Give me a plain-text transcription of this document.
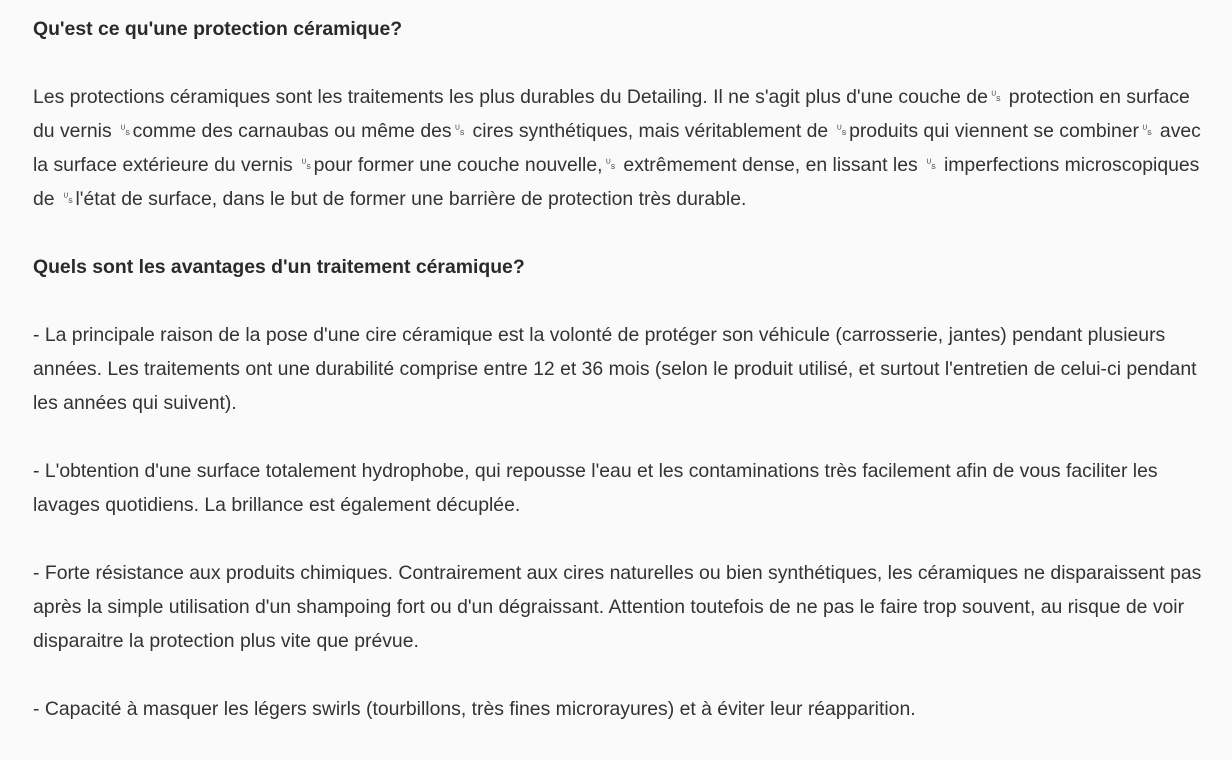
Qu'est ce qu'une protection céramique?

Les protections céramiques sont les traitements les plus durables du Detailing. Il ne s'agit plus d'une couche de␟ protection en surface du vernis ␟comme des carnaubas ou même des␟ cires synthétiques, mais véritablement de ␟produits qui viennent se combiner␟ avec la surface extérieure du vernis ␟pour former une couche nouvelle,␟ extrêmement dense, en lissant les ␟ imperfections microscopiques de ␟l'état de surface, dans le but de former une barrière de protection très durable.

Quels sont les avantages d'un traitement céramique?

- La principale raison de la pose d'une cire céramique est la volonté de protéger son véhicule (carrosserie, jantes) pendant plusieurs années. Les traitements ont une durabilité comprise entre 12 et 36 mois (selon le produit utilisé, et surtout l'entretien de celui-ci pendant les années qui suivent).

- L'obtention d'une surface totalement hydrophobe, qui repousse l'eau et les contaminations très facilement afin de vous faciliter les lavages quotidiens. La brillance est également décuplée.

- Forte résistance aux produits chimiques. Contrairement aux cires naturelles ou bien synthétiques, les céramiques ne disparaissent pas après la simple utilisation d'un shampoing fort ou d'un dégraissant. Attention toutefois de ne pas le faire trop souvent, au risque de voir disparaitre la protection plus vite que prévue.

- Capacité à masquer les légers swirls (tourbillons, très fines microrayures) et à éviter leur réapparition.
